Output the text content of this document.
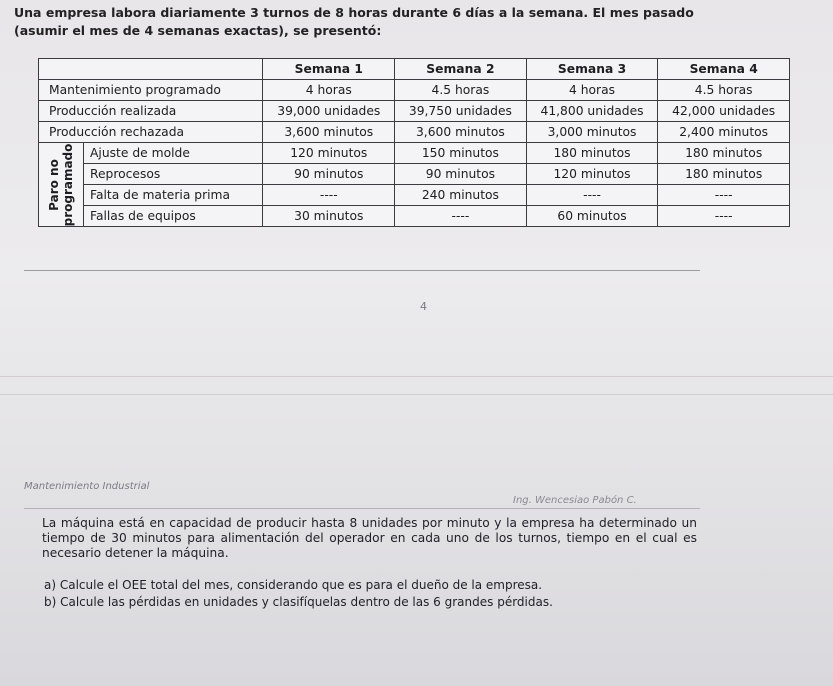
Una empresa labora diariamente 3 turnos de 8 horas durante 6 días a la semana. El mes pasado
(asumir el mes de 4 semanas exactas), se presentó:
		Semana 1	Semana 2	Semana 3	Semana 4
Mantenimiento programado		4 horas	4.5 horas	4 horas	4.5 horas
Producción realizada		39,000 unidades	39,750 unidades	41,800 unidades	42,000 unidades
Producción rechazada		3,600 minutos	3,600 minutos	3,000 minutos	2,400 minutos

Paro no programado	Ajuste de molde	120 minutos	150 minutos	180 minutos	180 minutos
	Reprocesos	90 minutos	90 minutos	120 minutos	180 minutos
	Falta de materia prima	----	240 minutos	----	----
	Fallas de equipos	30 minutos	----	60 minutos	----
4
Mantenimiento Industrial
Ing. Wencesiao Pabón C.
La máquina está en capacidad de producir hasta 8 unidades por minuto y la empresa ha determinado un tiempo de 30 minutos para alimentación del operador en cada uno de los turnos, tiempo en el cual es necesario detener la máquina.
a) Calcule el OEE total del mes, considerando que es para el dueño de la empresa.
b) Calcule las pérdidas en unidades y clasifíquelas dentro de las 6 grandes pérdidas.
